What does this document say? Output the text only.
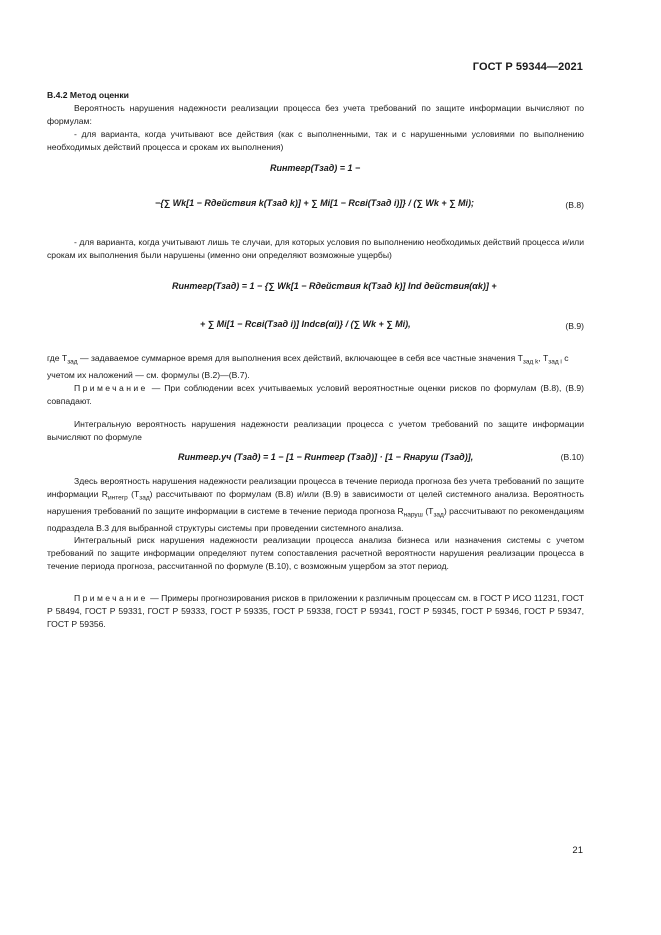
ГОСТ Р 59344—2021
В.4.2 Метод оценки
Вероятность нарушения надежности реализации процесса без учета требований по защите информации вычисляют по формулам:
- для варианта, когда учитывают все действия (как с выполненными, так и с нарушенными условиями по выполнению необходимых действий процесса и срокам их выполнения)
Rинтегр(Tзад) = 1 −
−{∑ Wk[1 − Rдействия k(Tзад k)] + ∑ Mi[1 − Rсвi(Tзад i)]} / (∑ Wk + ∑ Mi);	(В.8)
- для варианта, когда учитывают лишь те случаи, для которых условия по выполнению необходимых действий процесса и/или срокам их выполнения были нарушены (именно они определяют возможные ущербы)
Rинтегр(Tзад) = 1 − {∑ Wk[1 − Rдействия k(Tзад k)] Ind действия(αk)] +
+ ∑ Mi[1 − Rсвi(Tзад i)] Indсв(αi)} / (∑ Wk + ∑ Mi),	(В.9)
где $T_{зад}$ — задаваемое суммарное время для выполнения всех действий, включающее в себя все частные значения $T_{зад k}$, $T_{зад i}$ с учетом их наложений — см. формулы (В.2)—(В.7).
Примечание — При соблюдении всех учитываемых условий вероятностные оценки рисков по формулам (В.8), (В.9) совпадают.
Интегральную вероятность нарушения надежности реализации процесса с учетом требований по защите информации вычисляют по формуле
Rинтегр.уч (Tзад) = 1 − [1 − Rинтегр (Tзад)] · [1 − Rнаруш (Tзад)],	(В.10)
Здесь вероятность нарушения надежности реализации процесса в течение периода прогноза без учета требований по защите информации $R_{интегр}$ $(T_{зад})$ рассчитывают по формулам (В.8) и/или (В.9) в зависимости от целей системного анализа. Вероятность нарушения требований по защите информации в системе в течение периода прогноза $R_{наруш}$ $(T_{зад})$ рассчитывают по рекомендациям подраздела В.3 для выбранной структуры системы при проведении системного анализа.
Интегральный риск нарушения надежности реализации процесса анализа бизнеса или назначения системы с учетом требований по защите информации определяют путем сопоставления расчетной вероятности нарушения реализации процесса в течение периода прогноза, рассчитанной по формуле (В.10), с возможным ущербом за этот период.
Примечание — Примеры прогнозирования рисков в приложении к различным процессам см. в ГОСТ Р ИСО 11231, ГОСТ Р 58494, ГОСТ Р 59331, ГОСТ Р 59333, ГОСТ Р 59335, ГОСТ Р 59338, ГОСТ Р 59341, ГОСТ Р 59345, ГОСТ Р 59346, ГОСТ Р 59347, ГОСТ Р 59356.
21
